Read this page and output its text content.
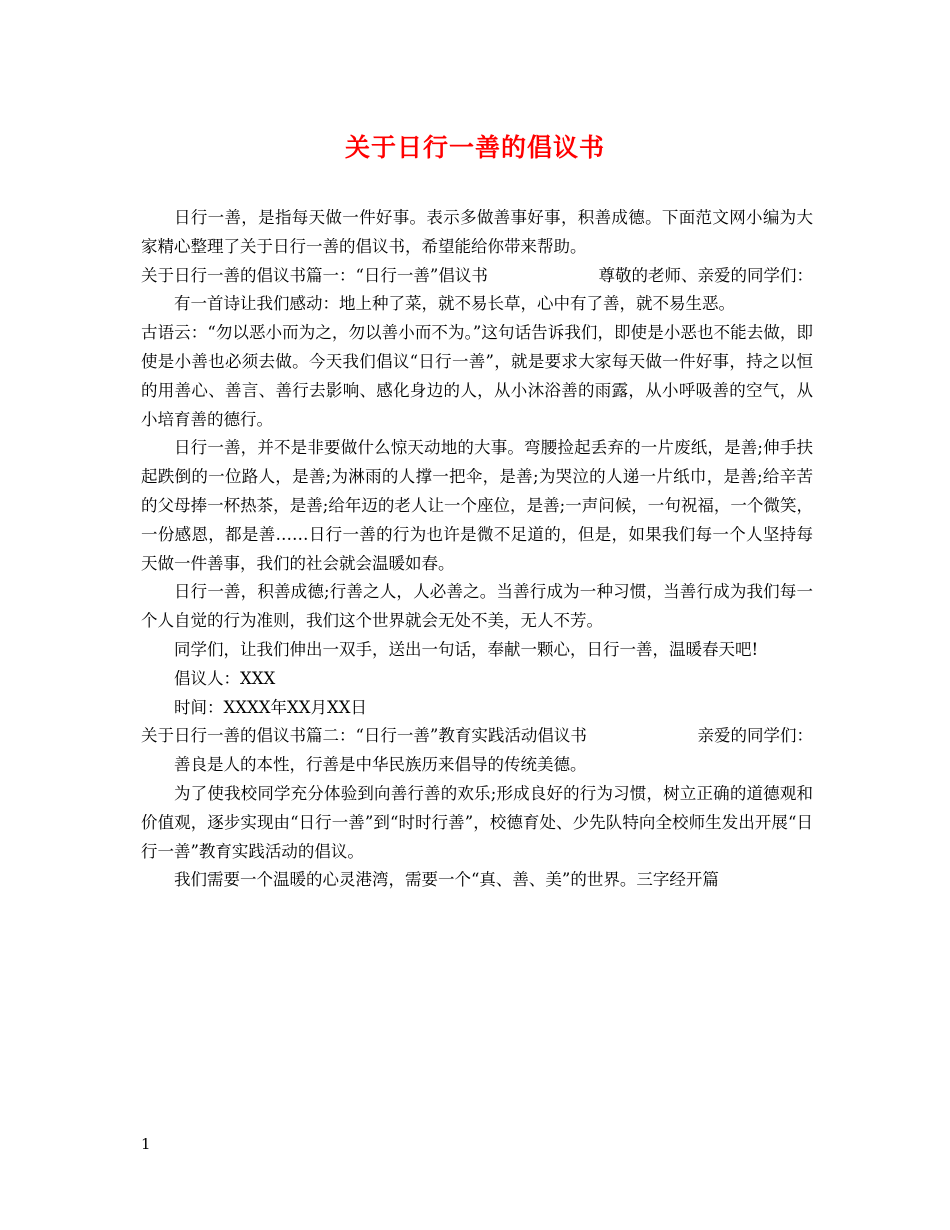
关于日行一善的倡议书

日行一善，是指每天做一件好事。表示多做善事好事，积善成德。下面范文网小编为大家精心整理了关于日行一善的倡议书，希望能给你带来帮助。

关于日行一善的倡议书篇一：“日行一善”倡议书	尊敬的老师、亲爱的同学们：

有一首诗让我们感动：地上种了菜，就不易长草，心中有了善，就不易生恶。

古语云：“勿以恶小而为之，勿以善小而不为。”这句话告诉我们，即使是小恶也不能去做，即使是小善也必须去做。今天我们倡议“日行一善”，就是要求大家每天做一件好事，持之以恒的用善心、善言、善行去影响、感化身边的人，从小沐浴善的雨露，从小呼吸善的空气，从小培育善的德行。

日行一善，并不是非要做什么惊天动地的大事。弯腰捡起丢弃的一片废纸，是善;伸手扶起跌倒的一位路人，是善;为淋雨的人撑一把伞，是善;为哭泣的人递一片纸巾，是善;给辛苦的父母捧一杯热茶，是善;给年迈的老人让一个座位，是善;一声问候，一句祝福，一个微笑，一份感恩，都是善……日行一善的行为也许是微不足道的，但是，如果我们每一个人坚持每天做一件善事，我们的社会就会温暖如春。

日行一善，积善成德;行善之人，人必善之。当善行成为一种习惯，当善行成为我们每一个人自觉的行为准则，我们这个世界就会无处不美，无人不芳。

同学们，让我们伸出一双手，送出一句话，奉献一颗心，日行一善，温暖春天吧!

倡议人：XXX

时间：XXXX年XX月XX日

关于日行一善的倡议书篇二：“日行一善”教育实践活动倡议书	亲爱的同学们：

善良是人的本性，行善是中华民族历来倡导的传统美德。

为了使我校同学充分体验到向善行善的欢乐;形成良好的行为习惯，树立正确的道德观和价值观，逐步实现由“日行一善”到“时时行善”，校德育处、少先队特向全校师生发出开展“日行一善”教育实践活动的倡议。

我们需要一个温暖的心灵港湾，需要一个“真、善、美”的世界。三字经开篇

1
